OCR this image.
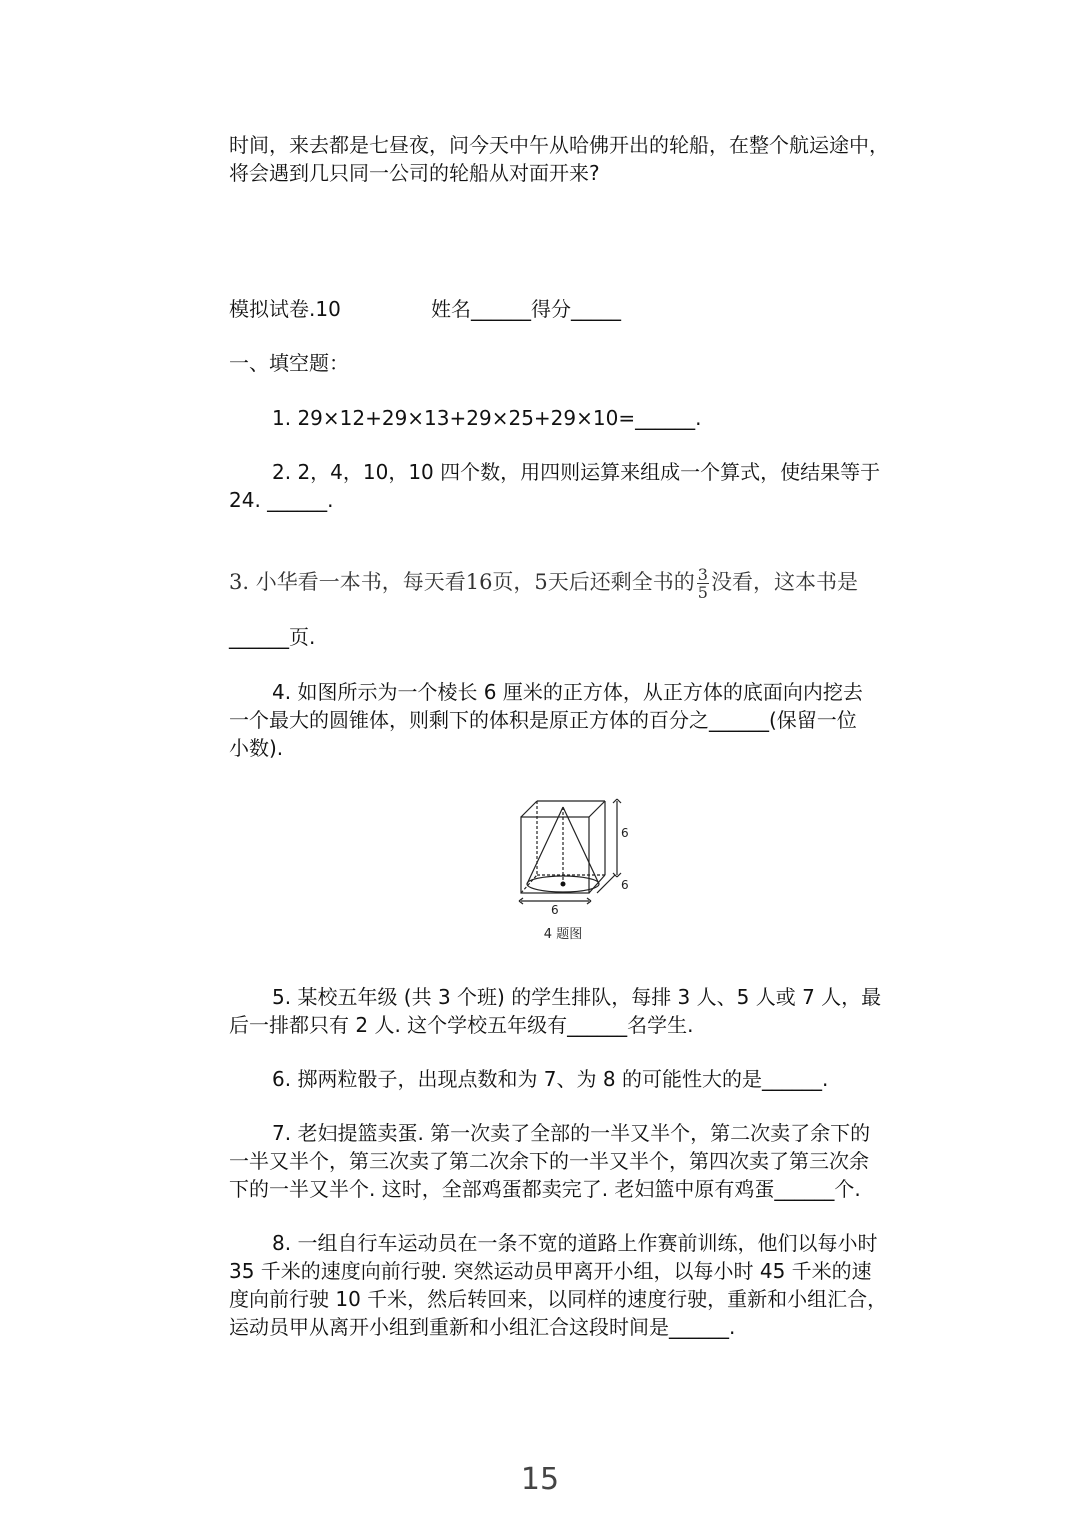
时间，来去都是七昼夜，问今天中午从哈佛开出的轮船，在整个航运途中，
将会遇到几只同一公司的轮船从对面开来?

模拟试卷.10	姓名______得分_____
一、填空题：

1. 29×12+29×13+29×25+29×10=______.

2. 2，4，10，10 四个数，用四则运算来组成一个算式，使结果等于
24. ______.

3. 小华看一本书，每天看16页，5天后还剩全书的 $\frac{3}{5}$ 没看，这本书是
______页.

4. 如图所示为一个棱长 6 厘米的正方体，从正方体的底面向内挖去
一个最大的圆锥体，则剩下的体积是原正方体的百分之______(保留一位
小数).

6
6
6
4 题图

5. 某校五年级 (共 3 个班) 的学生排队，每排 3 人、5 人或 7 人，最
后一排都只有 2 人. 这个学校五年级有______名学生.

6. 掷两粒骰子，出现点数和为 7、为 8 的可能性大的是______.

7. 老妇提篮卖蛋. 第一次卖了全部的一半又半个，第二次卖了余下的
一半又半个，第三次卖了第二次余下的一半又半个，第四次卖了第三次余
下的一半又半个. 这时，全部鸡蛋都卖完了. 老妇篮中原有鸡蛋______个.

8. 一组自行车运动员在一条不宽的道路上作赛前训练，他们以每小时
35 千米的速度向前行驶. 突然运动员甲离开小组，以每小时 45 千米的速
度向前行驶 10 千米，然后转回来，以同样的速度行驶，重新和小组汇合，
运动员甲从离开小组到重新和小组汇合这段时间是______.

15
